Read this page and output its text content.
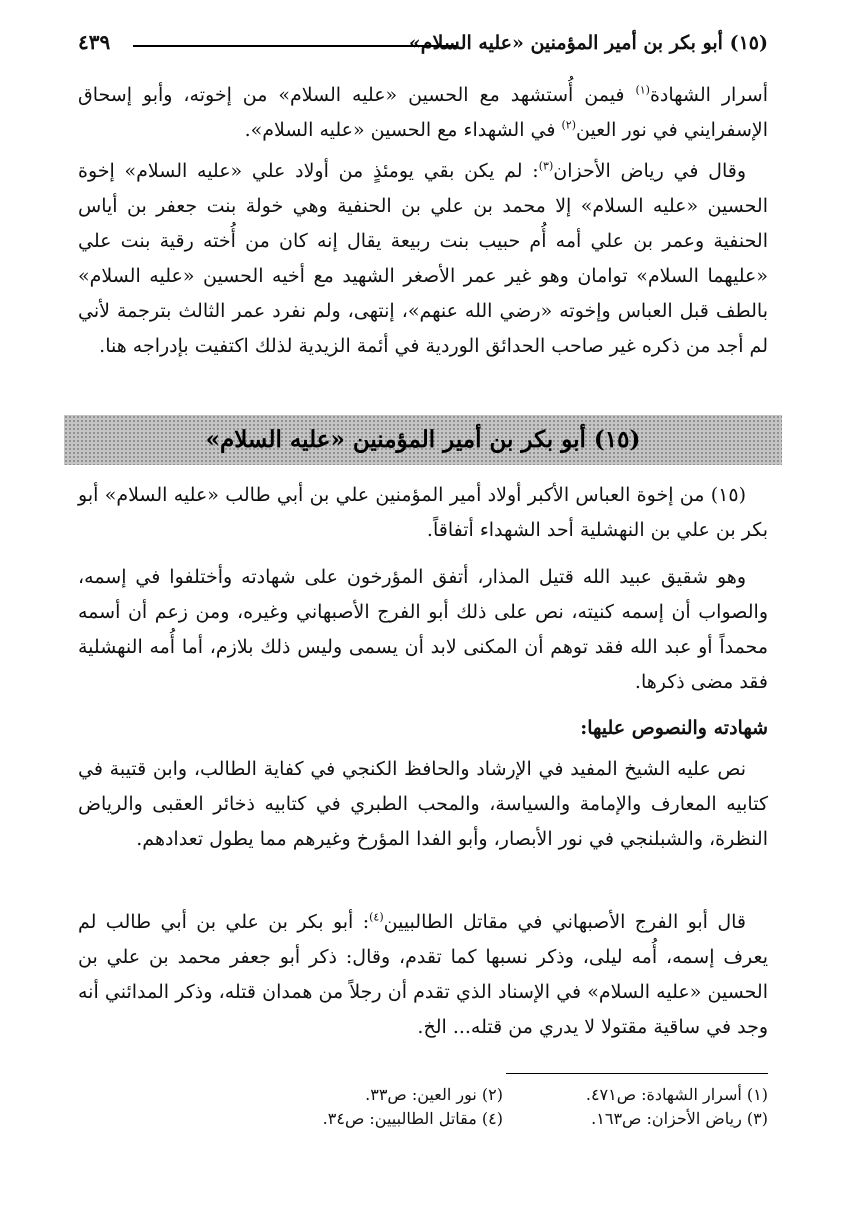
(١٥) أبو بكر بن أمير المؤمنين «عليه السلام»
٤٣٩

أسرار الشهادة$^{(١)}$ فيمن أُستشهد مع الحسين «عليه السلام» من إخوته، وأبو إسحاق الإسفرايني في نور العين$^{(٢)}$ في الشهداء مع الحسين «عليه السلام».

وقال في رياض الأحزان$^{(٣)}$: لم يكن بقي يومئذٍ من أولاد علي «عليه السلام» إخوة الحسين «عليه السلام» إلا محمد بن علي بن الحنفية وهي خولة بنت جعفر بن أياس الحنفية وعمر بن علي أمه أُم حبيب بنت ربيعة يقال إنه كان من أُخته رقية بنت علي «عليهما السلام» توامان وهو غير عمر الأصغر الشهيد مع أخيه الحسين «عليه السلام» بالطف قبل العباس وإخوته «رضي الله عنهم»، إنتهى، ولم نفرد عمر الثالث بترجمة لأني لم أجد من ذكره غير صاحب الحدائق الوردية في أئمة الزيدية لذلك اكتفيت بإدراجه هنا.

(١٥) أبو بكر بن أمير المؤمنين «عليه السلام»

(١٥) من إخوة العباس الأكبر أولاد أمير المؤمنين علي بن أبي طالب «عليه السلام» أبو بكر بن علي بن النهشلية أحد الشهداء أتفاقاً.

وهو شقيق عبيد الله قتيل المذار، أتفق المؤرخون على شهادته وأختلفوا في إسمه، والصواب أن إسمه كنيته، نص على ذلك أبو الفرج الأصبهاني وغيره، ومن زعم أن أسمه محمداً أو عبد الله فقد توهم أن المكنى لابد أن يسمى وليس ذلك بلازم، أما أُمه النهشلية فقد مضى ذكرها.

شهادته والنصوص عليها:

نص عليه الشيخ المفيد في الإرشاد والحافظ الكنجي في كفاية الطالب، وابن قتيبة في كتابيه المعارف والإمامة والسياسة، والمحب الطبري في كتابيه ذخائر العقبى والرياض النظرة، والشبلنجي في نور الأبصار، وأبو الفدا المؤرخ وغيرهم مما يطول تعدادهم.

قال أبو الفرج الأصبهاني في مقاتل الطالبيين$^{(٤)}$: أبو بكر بن علي بن أبي طالب لم يعرف إسمه، أُمه ليلى، وذكر نسبها كما تقدم، وقال: ذكر أبو جعفر محمد بن علي بن الحسين «عليه السلام» في الإسناد الذي تقدم أن رجلاً من همدان قتله، وذكر المدائني أنه وجد في ساقية مقتولا لا يدري من قتله... الخ.

(١) أسرار الشهادة: ص٤٧١.
(٢) نور العين: ص٣٣.
(٣) رياض الأحزان: ص١٦٣.
(٤) مقاتل الطالبيين: ص٣٤.
